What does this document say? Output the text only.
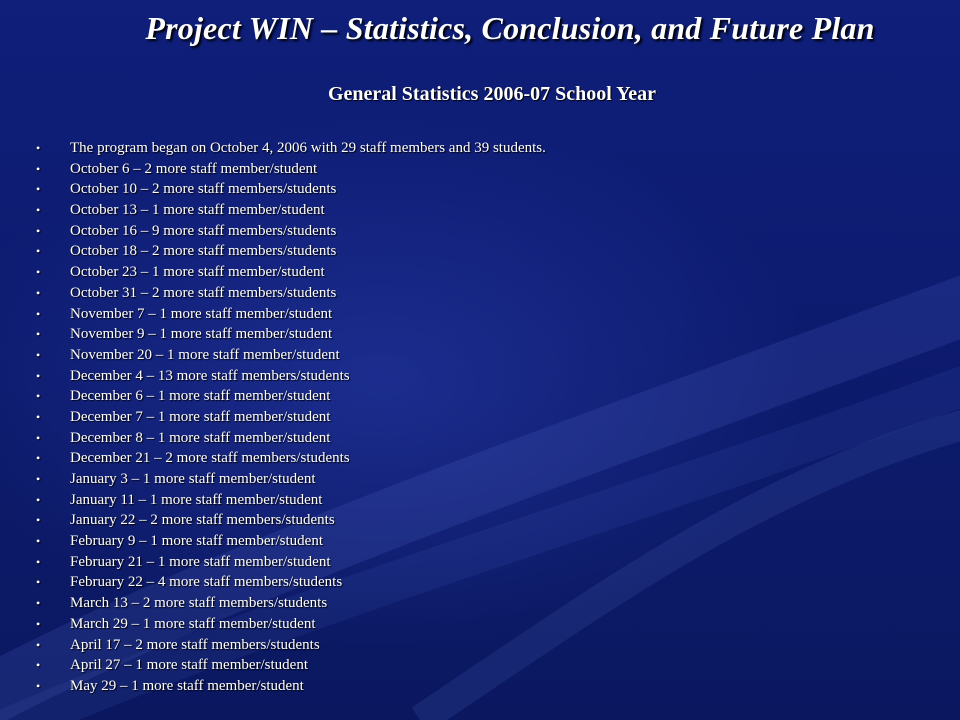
Project WIN – Statistics, Conclusion, and Future Plan
General Statistics 2006-07 School Year
• The program began on October 4, 2006 with 29 staff members and 39 students.
• October 6 – 2 more staff member/student
• October 10 – 2 more staff members/students
• October 13 – 1 more staff member/student
• October 16 – 9 more staff members/students
• October 18 – 2 more staff members/students
• October 23 – 1 more staff member/student
• October 31 – 2 more staff members/students
• November 7 – 1 more staff member/student
• November 9 – 1 more staff member/student
• November 20 – 1 more staff member/student
• December 4 – 13 more staff members/students
• December 6 – 1 more staff member/student
• December 7 – 1 more staff member/student
• December 8 – 1 more staff member/student
• December 21 – 2 more staff members/students
• January 3 – 1 more staff member/student
• January 11 – 1 more staff member/student
• January 22 – 2 more staff members/students
• February 9 – 1 more staff member/student
• February 21 – 1 more staff member/student
• February 22 – 4 more staff members/students
• March 13 – 2 more staff members/students
• March 29 – 1 more staff member/student
• April 17 – 2 more staff members/students
• April 27 – 1 more staff member/student
• May 29 – 1 more staff member/student
